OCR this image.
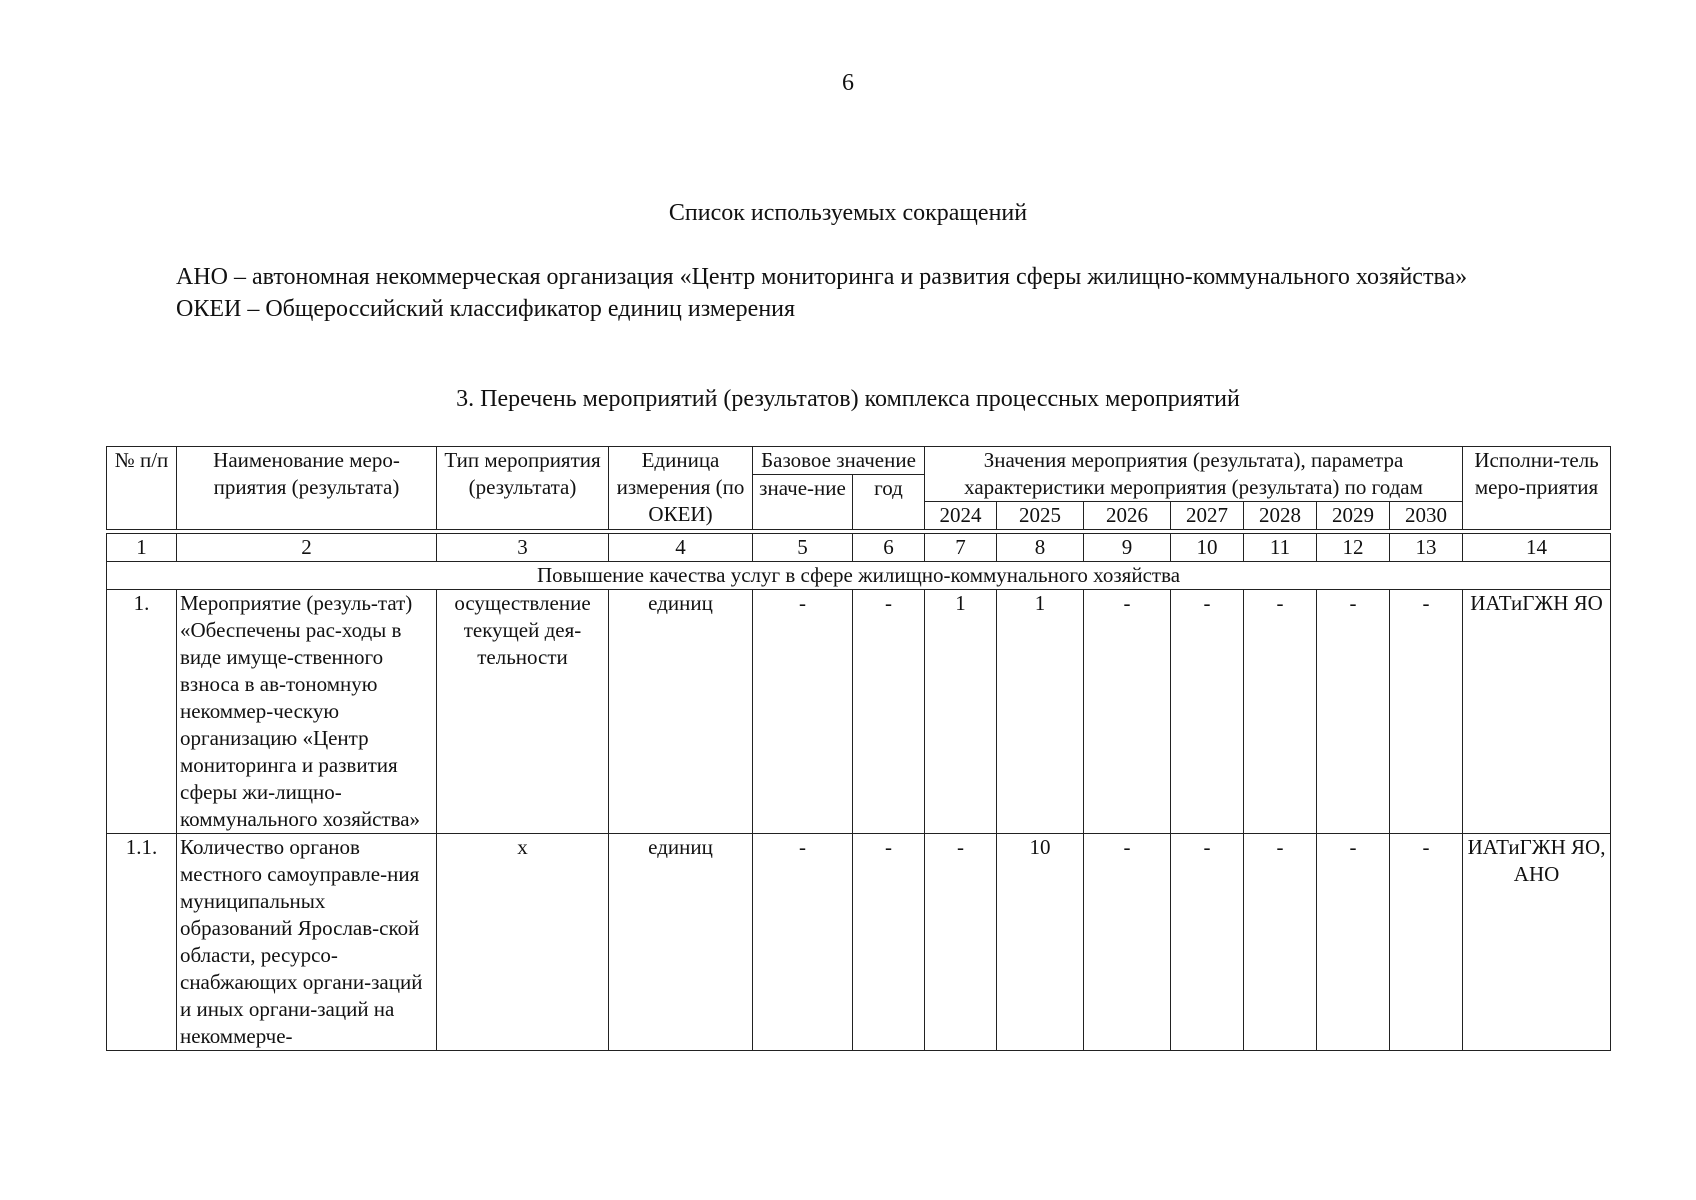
6
Список используемых сокращений

АНО – автономная некоммерческая организация «Центр мониторинга и развития сферы жилищно-коммунального хозяйства»

ОКЕИ – Общероссийский классификатор единиц измерения

3. Перечень мероприятий (результатов) комплекса процессных мероприятий
№ п/п	Наименование меро-приятия (результата)	Тип мероприятия (результата)	Единица измерения (по ОКЕИ)	Базовое значение		Значения мероприятия (результата), параметра характеристики мероприятия (результата) по годам							Исполни-тель меро-приятия
				значе-ние	год								
						2024	2025	2026	2027	2028	2029	2030	

1	2	3	4	5	6	7	8	9	10	11	12	13	14
Повышение качества услуг в сфере жилищно-коммунального хозяйства													
1.	Мероприятие (резуль-тат) «Обеспечены рас-ходы в виде имуще-ственного взноса в ав-тономную некоммер-ческую организацию «Центр мониторинга и развития сферы жи-лищно-коммунального хозяйства»	осуществление текущей дея-тельности	единиц	-	-	1	1	-	-	-	-	-	ИАТиГЖН ЯО
1.1.	Количество органов местного самоуправле-ния муниципальных образований Ярослав-ской области, ресурсо-снабжающих органи-заций и иных органи-заций на некоммерче-	х	единиц	-	-	-	10	-	-	-	-	-	ИАТиГЖН ЯО, АНО
